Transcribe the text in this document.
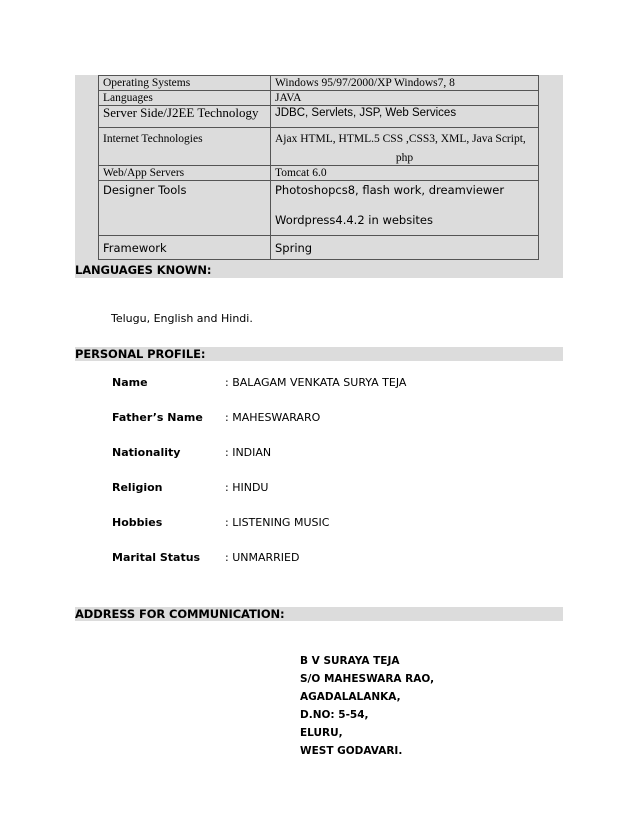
Operating Systems	Windows 95/97/2000/XP Windows7, 8
Languages	JAVA
Server Side/J2EE Technology	JDBC, Servlets, JSP, Web Services
Internet Technologies	Ajax HTML, HTML.5 CSS ,CSS3, XML, Java Script,
php

Web/App Servers	Tomcat 6.0
Designer Tools	Photoshopcs8, flash work, dreamviewer
Wordpress4.4.2 in websites

Framework	Spring
LANGUAGES KNOWN:
Telugu, English and Hindi.
PERSONAL PROFILE:
Name	: BALAGAM VENKATA SURYA TEJA
Father’s Name : MAHESWARARO
Nationality	: INDIAN
Religion	: HINDU
Hobbies	: LISTENING MUSIC
Marital Status : UNMARRIED
ADDRESS FOR COMMUNICATION:
B V SURAYA TEJA
S/O MAHESWARA RAO,
AGADALALANKA,
D.NO: 5-54,
ELURU,
WEST GODAVARI.
